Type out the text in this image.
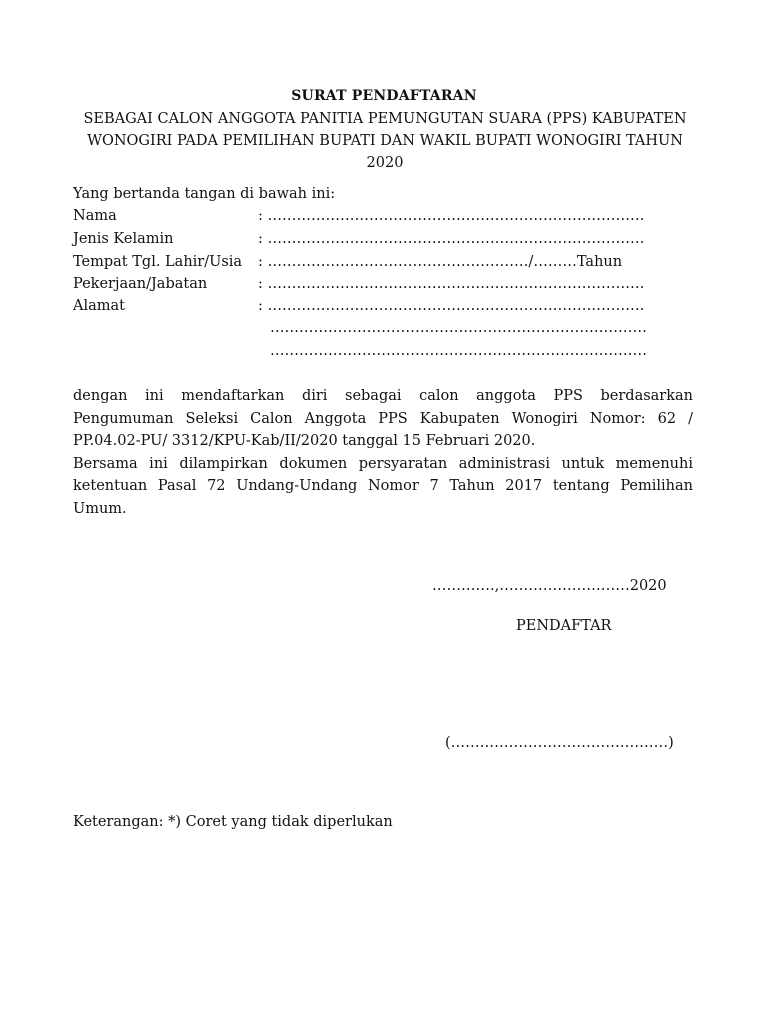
SURAT PENDAFTARAN
SEBAGAI CALON ANGGOTA PANITIA PEMUNGUTAN SUARA (PPS) KABUPATEN
WONOGIRI PADA PEMILIHAN BUPATI DAN WAKIL BUPATI WONOGIRI TAHUN
2020
Yang bertanda tangan di bawah ini:
Nama	: ……………………………………………………………………
Jenis Kelamin	: ……………………………………………………………………
Tempat Tgl. Lahir/Usia : ………………………………………………/………Tahun
Pekerjaan/Jabatan	: ……………………………………………………………………
Alamat	: ……………………………………………………………………
……………………………………………………………………
……………………………………………………………………
dengan ini mendaftarkan diri sebagai calon anggota PPS berdasarkan
Pengumuman Seleksi Calon Anggota PPS Kabupaten Wonogiri Nomor: 62 /
PP.04.02-PU/ 3312/KPU-Kab/II/2020 tanggal 15 Februari 2020.
Bersama ini dilampirkan dokumen persyaratan administrasi untuk memenuhi
ketentuan Pasal 72 Undang-Undang Nomor 7 Tahun 2017 tentang Pemilihan
Umum.
………….,………………………2020
PENDAFTAR
(………………………………………)
Keterangan: *) Coret yang tidak diperlukan
